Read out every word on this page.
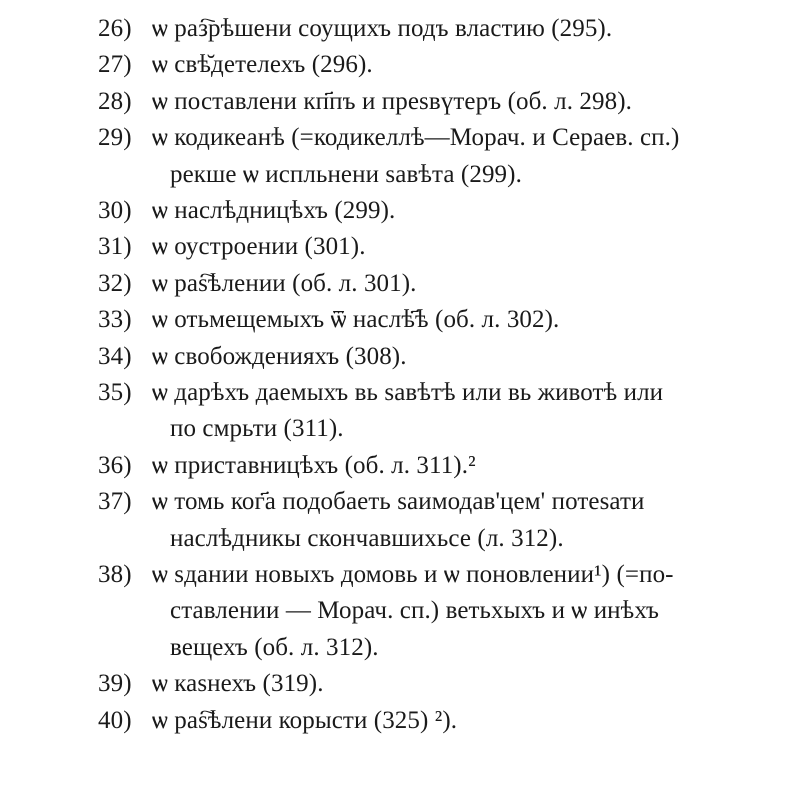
26) ѡ раз҇рѣшени соущихъ подъ властию (295).
27) ѡ свѣ̆детелехъ (296).
28) ѡ поставлени кп҃пъ и преѕвүтеръ (об. л. 298).
29) ѡ кодикеанѣ (=кодикеллѣ—Морач. и Сераев. сп.)
рекше ѡ испльнени ѕавѣта (299).
30) ѡ наслѣдницѣхъ (299).
31) ѡ оустроении (301).
32) ѡ раѕ҇ѣлении (об. л. 301).
33) ѡ отьмещемыхъ ѿ наслѣ҃ѣ (об. л. 302).
34) ѡ свобожденияхъ (308).
35) ѡ дарѣхъ даемыхъ вь ѕавѣтѣ или вь животѣ или
по смрьти (311).
36) ѡ приставницѣхъ (об. л. 311).²
37) ѡ томь ког҃а подобаеть ѕаимодав'цем' потеѕати
наслѣдникы скончавшихьсе (л. 312).
38) ѡ ѕдании новыхъ домовь и ѡ поновлении¹) (=по-
ставлении — Морач. сп.) ветьхыхъ и ѡ инѣхъ
вещехъ (об. л. 312).
39) ѡ каѕнехъ (319).
40) ѡ раѕ҇ѣлени корысти (325) ²).
